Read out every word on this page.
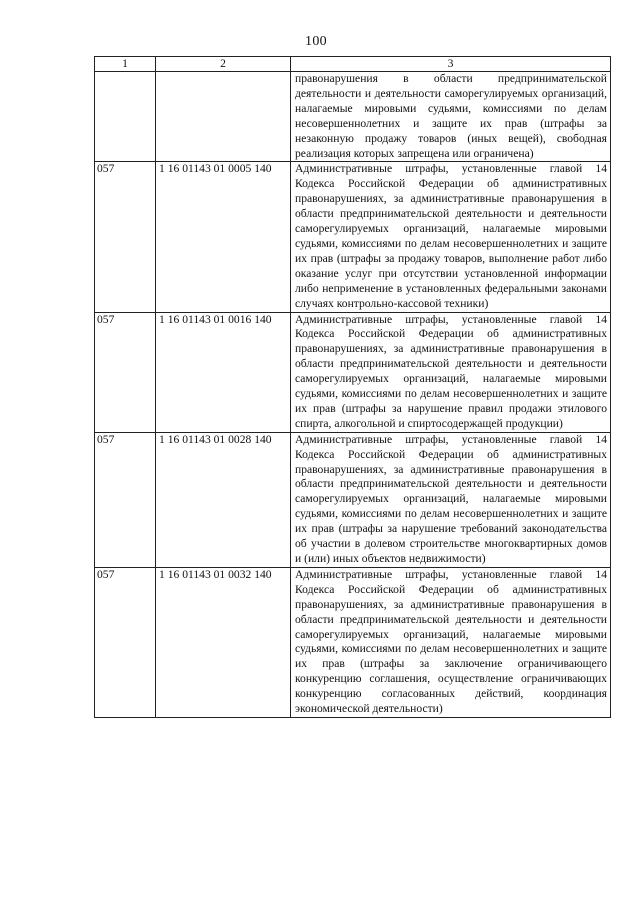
100
1	2	3
		правонарушения в области предпринимательской деятельности и деятельности саморегулируемых организаций, налагаемые мировыми судьями, комиссиями по делам несовершеннолетних и защите их прав (штрафы за незаконную продажу товаров (иных вещей), свободная реализация которых запрещена или ограничена)
057	1 16 01143 01 0005 140	Административные штрафы, установленные главой 14 Кодекса Российской Федерации об административных правонарушениях, за административные правонарушения в области предпринимательской деятельности и деятельности саморегулируемых организаций, налагаемые мировыми судьями, комиссиями по делам несовершеннолетних и защите их прав (штрафы за продажу товаров, выполнение работ либо оказание услуг при отсутствии установленной информации либо неприменение в установленных федеральными законами случаях контрольно-кассовой техники)
057	1 16 01143 01 0016 140	Административные штрафы, установленные главой 14 Кодекса Российской Федерации об административных правонарушениях, за административные правонарушения в области предпринимательской деятельности и деятельности саморегулируемых организаций, налагаемые мировыми судьями, комиссиями по делам несовершеннолетних и защите их прав (штрафы за нарушение правил продажи этилового спирта, алкогольной и спиртосодержащей продукции)
057	1 16 01143 01 0028 140	Административные штрафы, установленные главой 14 Кодекса Российской Федерации об административных правонарушениях, за административные правонарушения в области предпринимательской деятельности и деятельности саморегулируемых организаций, налагаемые мировыми судьями, комиссиями по делам несовершеннолетних и защите их прав (штрафы за нарушение требований законодательства об участии в долевом строительстве многоквартирных домов и (или) иных объектов недвижимости)
057	1 16 01143 01 0032 140	Административные штрафы, установленные главой 14 Кодекса Российской Федерации об административных правонарушениях, за административные правонарушения в области предпринимательской деятельности и деятельности саморегулируемых организаций, налагаемые мировыми судьями, комиссиями по делам несовершеннолетних и защите их прав (штрафы за заключение ограничивающего конкуренцию соглашения, осуществление ограничивающих конкуренцию согласованных действий, координация экономической деятельности)
